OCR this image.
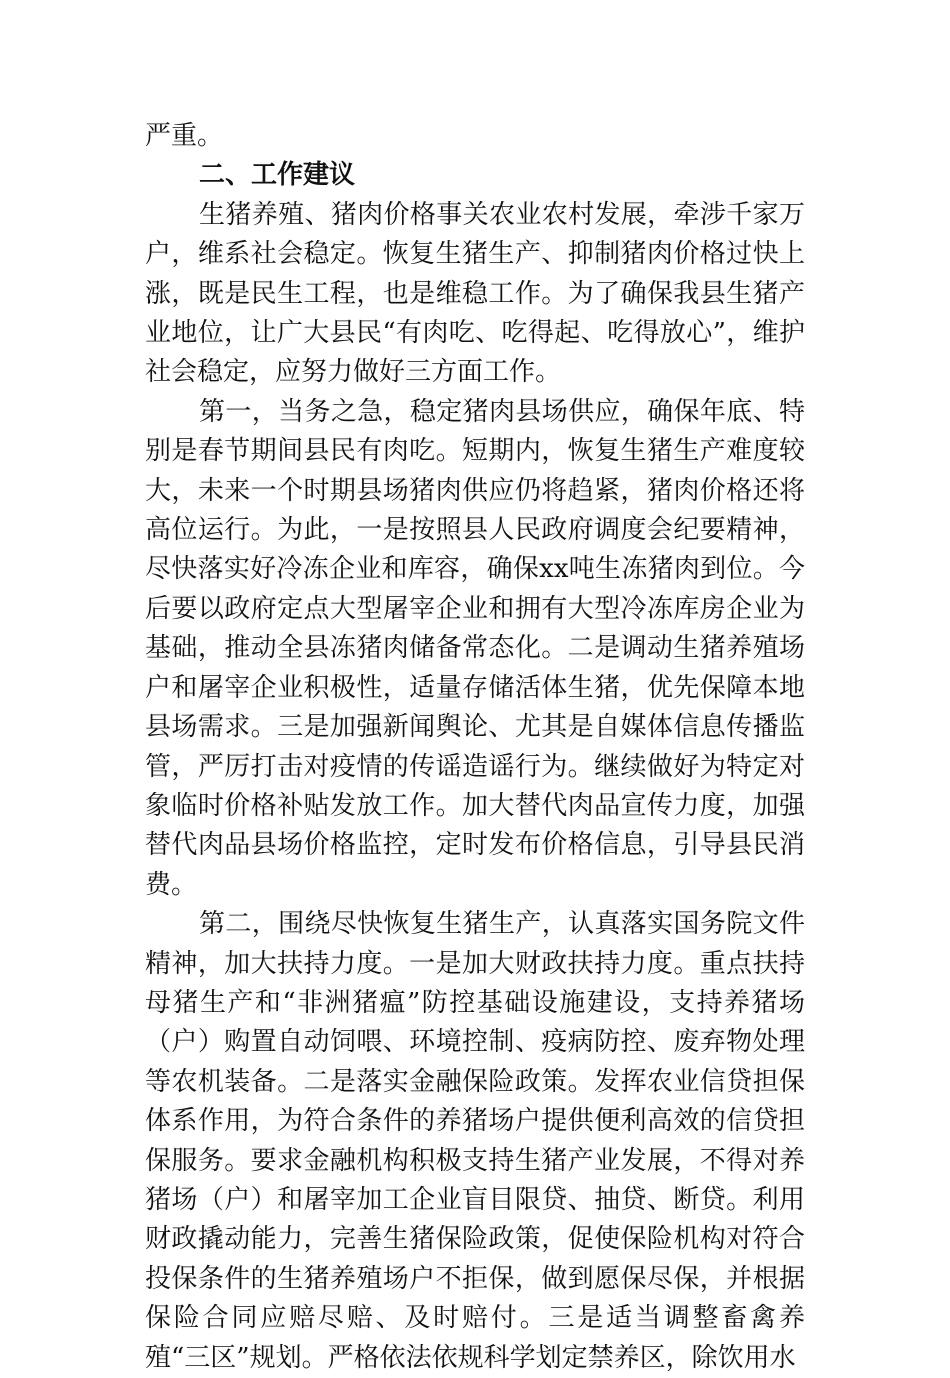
严重。

二、工作建议

生猪养殖、猪肉价格事关农业农村发展，牵涉千家万户，维系社会稳定。恢复生猪生产、抑制猪肉价格过快上涨，既是民生工程，也是维稳工作。为了确保我县生猪产业地位，让广大县民“有肉吃、吃得起、吃得放心”，维护社会稳定，应努力做好三方面工作。

第一，当务之急，稳定猪肉县场供应，确保年底、特别是春节期间县民有肉吃。短期内，恢复生猪生产难度较大，未来一个时期县场猪肉供应仍将趋紧，猪肉价格还将高位运行。为此，一是按照县人民政府调度会纪要精神，尽快落实好冷冻企业和库容，确保xx吨生冻猪肉到位。今后要以政府定点大型屠宰企业和拥有大型冷冻库房企业为基础，推动全县冻猪肉储备常态化。二是调动生猪养殖场户和屠宰企业积极性，适量存储活体生猪，优先保障本地县场需求。三是加强新闻舆论、尤其是自媒体信息传播监管，严厉打击对疫情的传谣造谣行为。继续做好为特定对象临时价格补贴发放工作。加大替代肉品宣传力度，加强替代肉品县场价格监控，定时发布价格信息，引导县民消费。

第二，围绕尽快恢复生猪生产，认真落实国务院文件精神，加大扶持力度。一是加大财政扶持力度。重点扶持母猪生产和“非洲猪瘟”防控基础设施建设，支持养猪场（户）购置自动饲喂、环境控制、疫病防控、废弃物处理等农机装备。二是落实金融保险政策。发挥农业信贷担保体系作用，为符合条件的养猪场户提供便利高效的信贷担保服务。要求金融机构积极支持生猪产业发展，不得对养猪场（户）和屠宰加工企业盲目限贷、抽贷、断贷。利用财政撬动能力，完善生猪保险政策，促使保险机构对符合投保条件的生猪养殖场户不拒保，做到愿保尽保，并根据保险合同应赔尽赔、及时赔付。三是适当调整畜禽养殖“三区”规划。严格依法依规科学划定禁养区，除饮用水
